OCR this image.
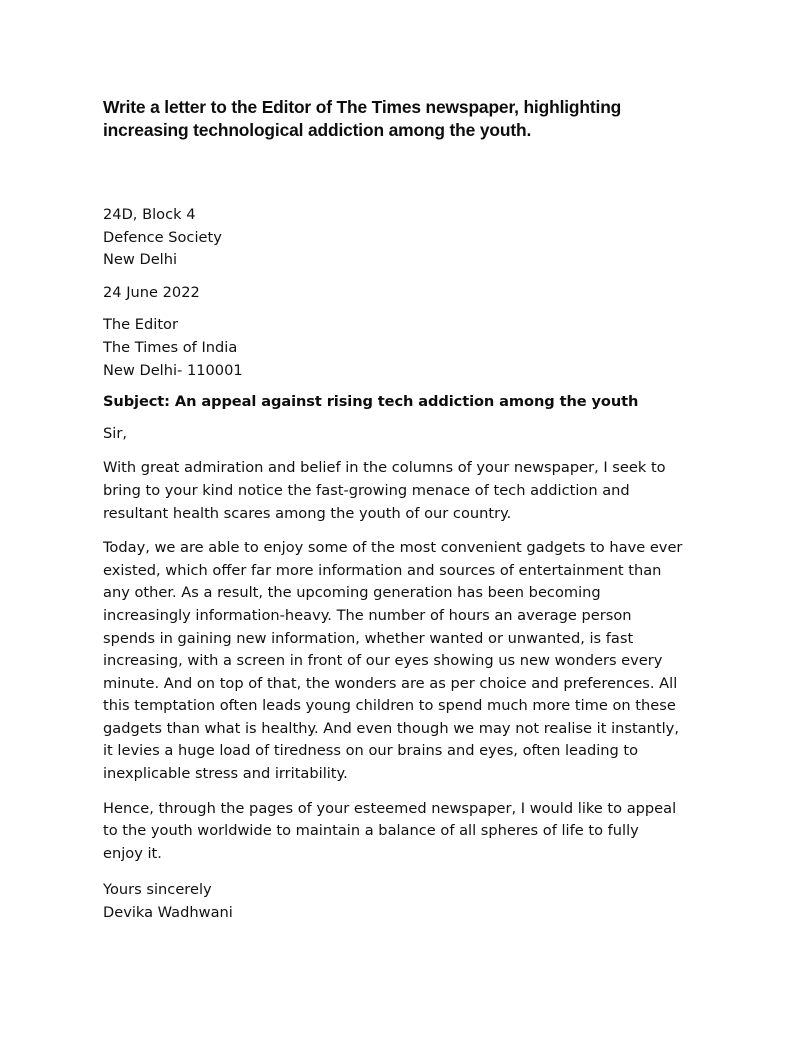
Write a letter to the Editor of The Times newspaper, highlighting increasing technological addiction among the youth.

24D, Block 4
Defence Society
New Delhi
24 June 2022
The Editor
The Times of India
New Delhi- 110001

Subject: An appeal against rising tech addiction among the youth

Sir,

With great admiration and belief in the columns of your newspaper, I seek to bring to your kind notice the fast-growing menace of tech addiction and resultant health scares among the youth of our country.

Today, we are able to enjoy some of the most convenient gadgets to have ever existed, which offer far more information and sources of entertainment than any other. As a result, the upcoming generation has been becoming increasingly information-heavy. The number of hours an average person spends in gaining new information, whether wanted or unwanted, is fast increasing, with a screen in front of our eyes showing us new wonders every minute. And on top of that, the wonders are as per choice and preferences. All this temptation often leads young children to spend much more time on these gadgets than what is healthy. And even though we may not realise it instantly, it levies a huge load of tiredness on our brains and eyes, often leading to inexplicable stress and irritability.

Hence, through the pages of your esteemed newspaper, I would like to appeal to the youth worldwide to maintain a balance of all spheres of life to fully enjoy it.

Yours sincerely
Devika Wadhwani
